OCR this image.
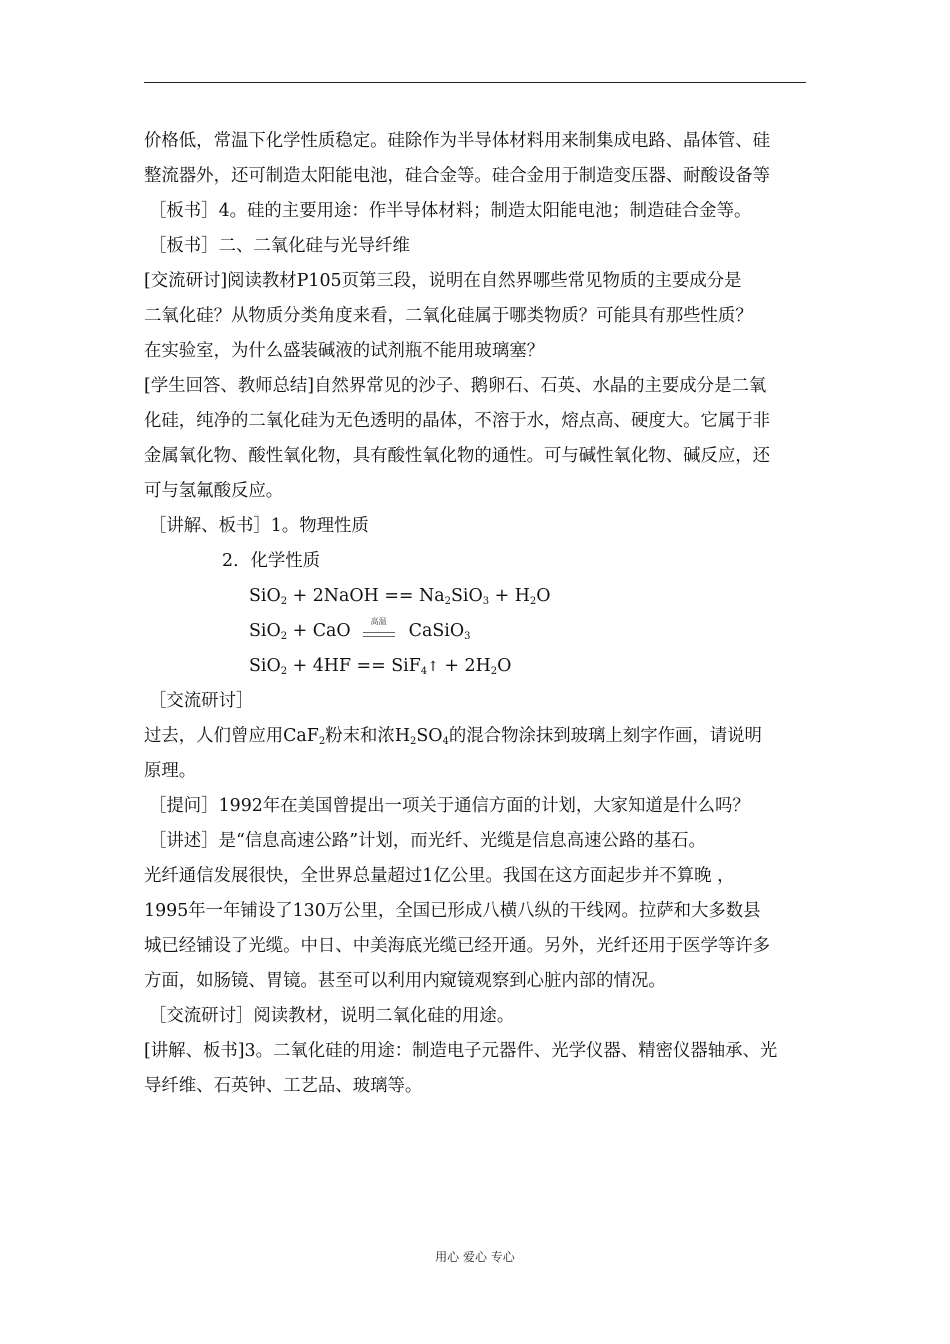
价格低，常温下化学性质稳定。硅除作为半导体材料用来制集成电路、晶体管、硅
整流器外，还可制造太阳能电池，硅合金等。硅合金用于制造变压器、耐酸设备等
［板书］4。硅的主要用途：作半导体材料；制造太阳能电池；制造硅合金等。
［板书］二、二氧化硅与光导纤维
[交流研讨]阅读教材P105页第三段，说明在自然界哪些常见物质的主要成分是
二氧化硅？从物质分类角度来看，二氧化硅属于哪类物质？可能具有那些性质？
在实验室，为什么盛装碱液的试剂瓶不能用玻璃塞？
[学生回答、教师总结]自然界常见的沙子、鹅卵石、石英、水晶的主要成分是二氧
化硅，纯净的二氧化硅为无色透明的晶体，不溶于水，熔点高、硬度大。它属于非
金属氧化物、酸性氧化物，具有酸性氧化物的通性。可与碱性氧化物、碱反应，还
可与氢氟酸反应。
［讲解、板书］1。物理性质
2．化学性质
SiO$_2$ + 2NaOH == $Na_2SiO_3 + H_2O$
SiO$_2$ + CaO	高温	CaSiO$_3$
SiO$_2$ + 4HF == SiF$_4$↑ + $2H_2O$
［交流研讨］
过去，人们曾应用CaF$_2$粉末和浓$H_2SO_4$的混合物涂抹到玻璃上刻字作画，请说明
原理。
［提问］1992年在美国曾提出一项关于通信方面的计划，大家知道是什么吗？
［讲述］是“信息高速公路”计划，而光纤、光缆是信息高速公路的基石。
光纤通信发展很快，全世界总量超过1亿公里。我国在这方面起步并不算晚 ，
1995年一年铺设了130万公里，全国已形成八横八纵的干线网。拉萨和大多数县
城已经铺设了光缆。中日、中美海底光缆已经开通。另外，光纤还用于医学等许多
方面，如肠镜、胃镜。甚至可以利用内窥镜观察到心脏内部的情况。
［交流研讨］阅读教材，说明二氧化硅的用途。
[讲解、板书]3。二氧化硅的用途：制造电子元器件、光学仪器、精密仪器轴承、光
导纤维、石英钟、工艺品、玻璃等。
用心 爱心 专心
